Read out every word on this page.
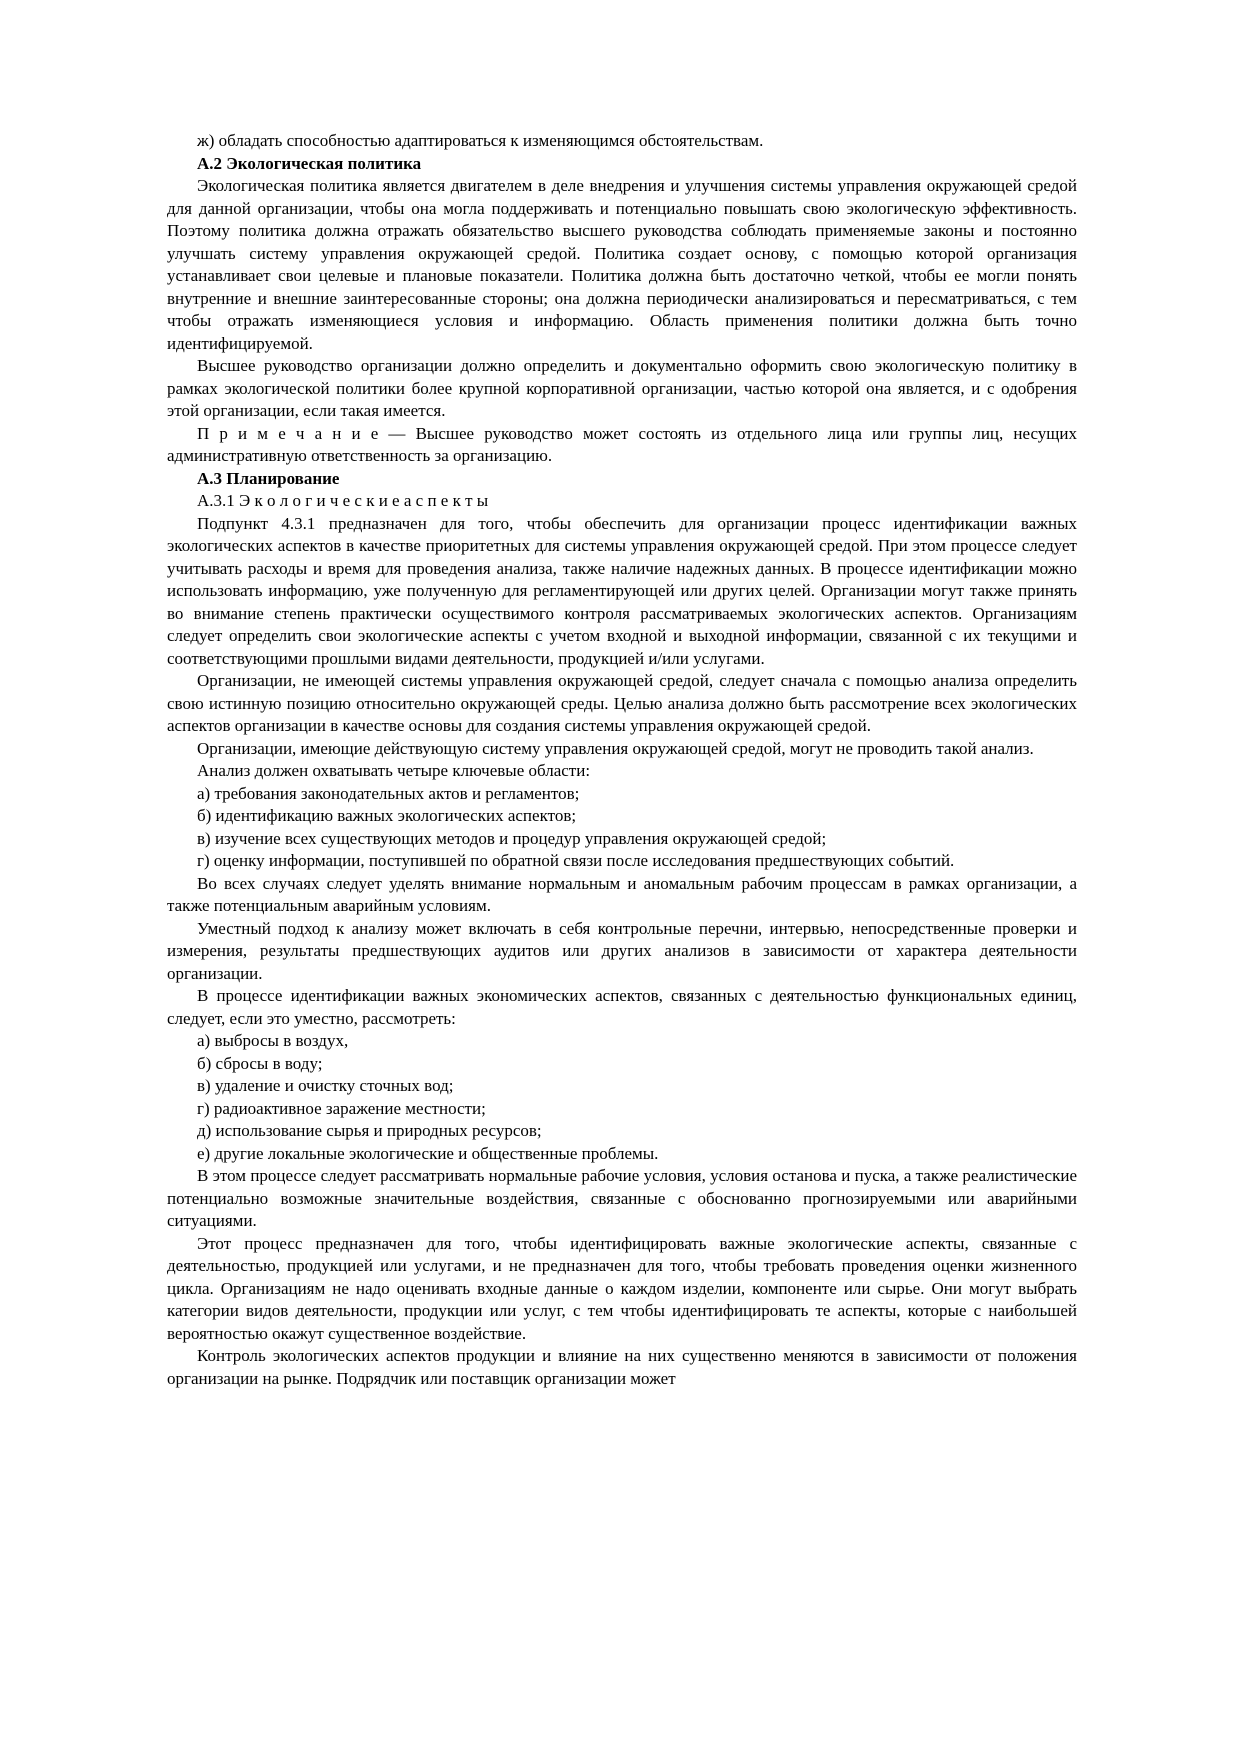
ж) обладать способностью адаптироваться к изменяющимся обстоятельствам.

А.2 Экологическая политика

Экологическая политика является двигателем в деле внедрения и улучшения системы управления окружающей средой для данной организации, чтобы она могла поддерживать и потенциально повышать свою экологическую эффективность. Поэтому политика должна отражать обязательство высшего руководства соблюдать применяемые законы и постоянно улучшать систему управления окружающей средой. Политика создает основу, с помощью которой организация устанавливает свои целевые и плановые показатели. Политика должна быть достаточно четкой, чтобы ее могли понять внутренние и внешние заинтересованные стороны; она должна периодически анализироваться и пересматриваться, с тем чтобы отражать изменяющиеся условия и информацию. Область применения политики должна быть точно идентифицируемой.

Высшее руководство организации должно определить и документально оформить свою экологическую политику в рамках экологической политики более крупной корпоративной организации, частью которой она является, и с одобрения этой организации, если такая имеется.

П р и м е ч а н и е — Высшее руководство может состоять из отдельного лица или группы лиц, несущих административную ответственность за организацию.

А.3 Планирование

А.3.1 Э к о л о г и ч е с к и е а с п е к т ы

Подпункт 4.3.1 предназначен для того, чтобы обеспечить для организации процесс идентификации важных экологических аспектов в качестве приоритетных для системы управления окружающей средой. При этом процессе следует учитывать расходы и время для проведения анализа, также наличие надежных данных. В процессе идентификации можно использовать информацию, уже полученную для регламентирующей или других целей. Организации могут также принять во внимание степень практически осуществимого контроля рассматриваемых экологических аспектов. Организациям следует определить свои экологические аспекты с учетом входной и выходной информации, связанной с их текущими и соответствующими прошлыми видами деятельности, продукцией и/или услугами.

Организации, не имеющей системы управления окружающей средой, следует сначала с помощью анализа определить свою истинную позицию относительно окружающей среды. Целью анализа должно быть рассмотрение всех экологических аспектов организации в качестве основы для создания системы управления окружающей средой.

Организации, имеющие действующую систему управления окружающей средой, могут не проводить такой анализ.

Анализ должен охватывать четыре ключевые области:

а) требования законодательных актов и регламентов;

б) идентификацию важных экологических аспектов;

в) изучение всех существующих методов и процедур управления окружающей средой;

г) оценку информации, поступившей по обратной связи после исследования предшествующих событий.

Во всех случаях следует уделять внимание нормальным и аномальным рабочим процессам в рамках организации, а также потенциальным аварийным условиям.

Уместный подход к анализу может включать в себя контрольные перечни, интервью, непосредственные проверки и измерения, результаты предшествующих аудитов или других анализов в зависимости от характера деятельности организации.

В процессе идентификации важных экономических аспектов, связанных с деятельностью функциональных единиц, следует, если это уместно, рассмотреть:

а) выбросы в воздух,

б) сбросы в воду;

в) удаление и очистку сточных вод;

г) радиоактивное заражение местности;

д) использование сырья и природных ресурсов;

е) другие локальные экологические и общественные проблемы.

В этом процессе следует рассматривать нормальные рабочие условия, условия останова и пуска, а также реалистические потенциально возможные значительные воздействия, связанные с обоснованно прогнозируемыми или аварийными ситуациями.

Этот процесс предназначен для того, чтобы идентифицировать важные экологические аспекты, связанные с деятельностью, продукцией или услугами, и не предназначен для того, чтобы требовать проведения оценки жизненного цикла. Организациям не надо оценивать входные данные о каждом изделии, компоненте или сырье. Они могут выбрать категории видов деятельности, продукции или услуг, с тем чтобы идентифицировать те аспекты, которые с наибольшей вероятностью окажут существенное воздействие.

Контроль экологических аспектов продукции и влияние на них существенно меняются в зависимости от положения организации на рынке. Подрядчик или поставщик организации может
